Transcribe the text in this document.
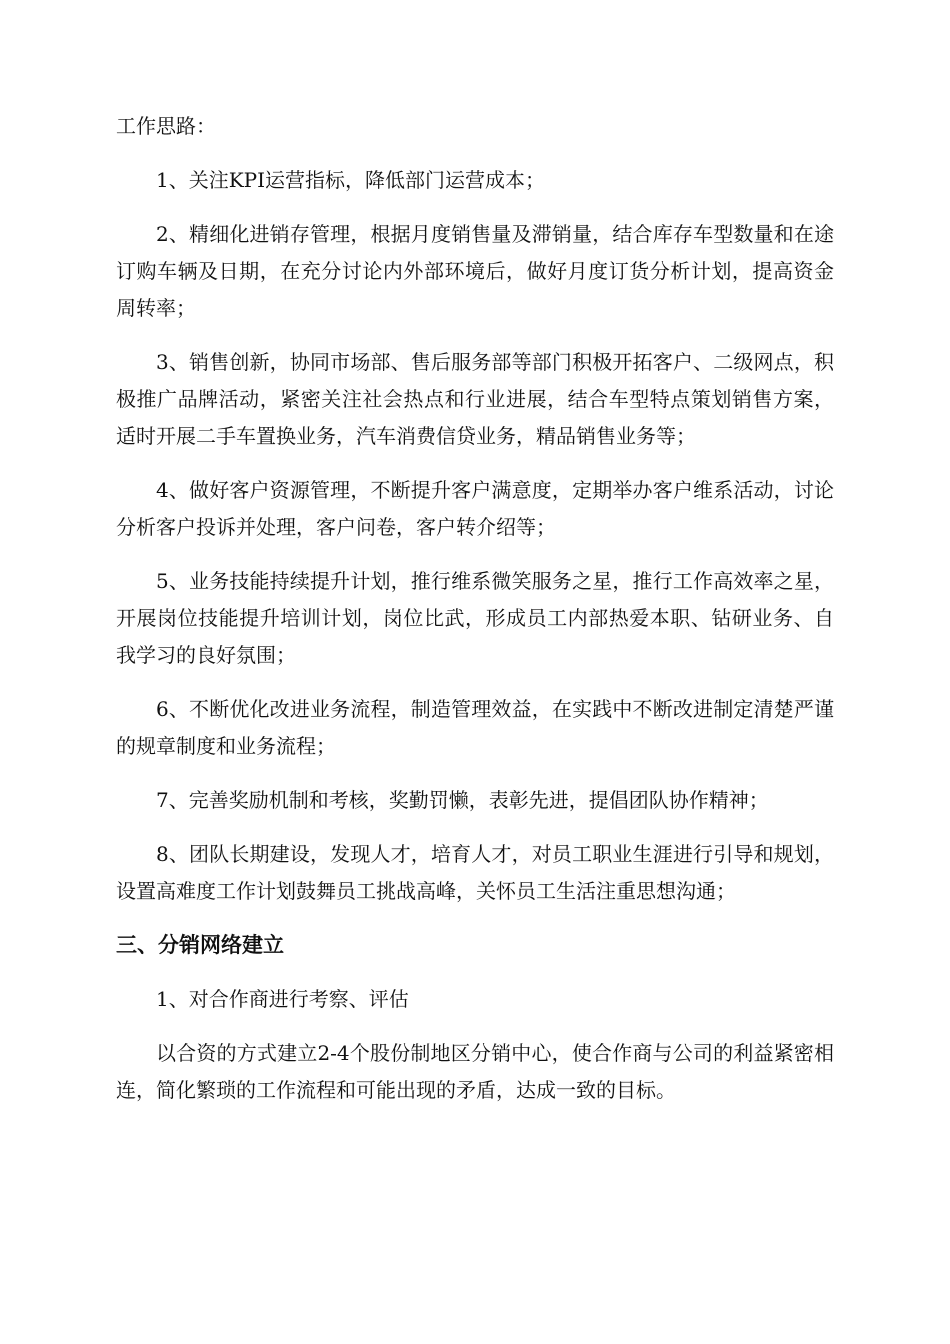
工作思路：

1、关注KPI运营指标，降低部门运营成本；

2、精细化进销存管理，根据月度销售量及滞销量，结合库存车型数量和在途订购车辆及日期，在充分讨论内外部环境后，做好月度订货分析计划，提高资金周转率；

3、销售创新，协同市场部、售后服务部等部门积极开拓客户、二级网点，积极推广品牌活动，紧密关注社会热点和行业进展，结合车型特点策划销售方案，适时开展二手车置换业务，汽车消费信贷业务，精品销售业务等；

4、做好客户资源管理，不断提升客户满意度，定期举办客户维系活动，讨论分析客户投诉并处理，客户问卷，客户转介绍等；

5、业务技能持续提升计划，推行维系微笑服务之星，推行工作高效率之星，开展岗位技能提升培训计划，岗位比武，形成员工内部热爱本职、钻研业务、自我学习的良好氛围；

6、不断优化改进业务流程，制造管理效益，在实践中不断改进制定清楚严谨的规章制度和业务流程；

7、完善奖励机制和考核，奖勤罚懒，表彰先进，提倡团队协作精神；

8、团队长期建设，发现人才，培育人才，对员工职业生涯进行引导和规划，设置高难度工作计划鼓舞员工挑战高峰，关怀员工生活注重思想沟通；

三、分销网络建立

1、对合作商进行考察、评估

以合资的方式建立2-4个股份制地区分销中心，使合作商与公司的利益紧密相连，简化繁琐的工作流程和可能出现的矛盾，达成一致的目标。
